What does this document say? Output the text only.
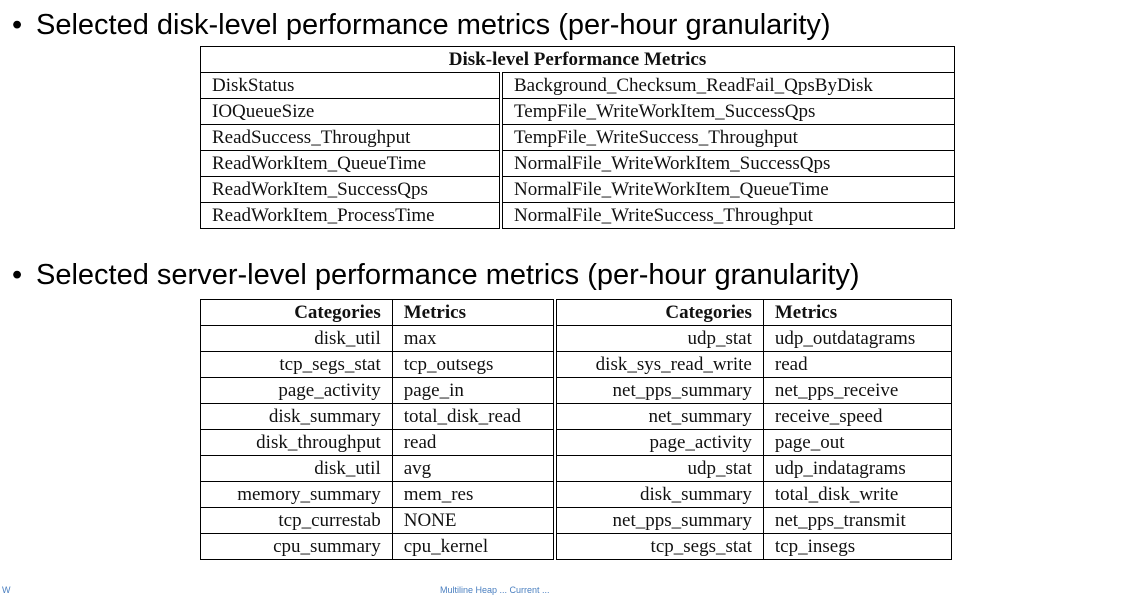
• Selected disk-level performance metrics (per-hour granularity)
Disk-level Performance Metrics	
DiskStatus	Background_Checksum_ReadFail_QpsByDisk
IOQueueSize	TempFile_WriteWorkItem_SuccessQps
ReadSuccess_Throughput	TempFile_WriteSuccess_Throughput
ReadWorkItem_QueueTime	NormalFile_WriteWorkItem_SuccessQps
ReadWorkItem_SuccessQps	NormalFile_WriteWorkItem_QueueTime
ReadWorkItem_ProcessTime	NormalFile_WriteSuccess_Throughput
• Selected server-level performance metrics (per-hour granularity)
Categories	Metrics	Categories	Metrics
disk_util	max	udp_stat	udp_outdatagrams
tcp_segs_stat	tcp_outsegs	disk_sys_read_write	read
page_activity	page_in	net_pps_summary	net_pps_receive
disk_summary	total_disk_read	net_summary	receive_speed
disk_throughput	read	page_activity	page_out
disk_util	avg	udp_stat	udp_indatagrams
memory_summary	mem_res	disk_summary	total_disk_write
tcp_currestab	NONE	net_pps_summary	net_pps_transmit
cpu_summary	cpu_kernel	tcp_segs_stat	tcp_insegs
W	Multiline Heap ... Current ...
